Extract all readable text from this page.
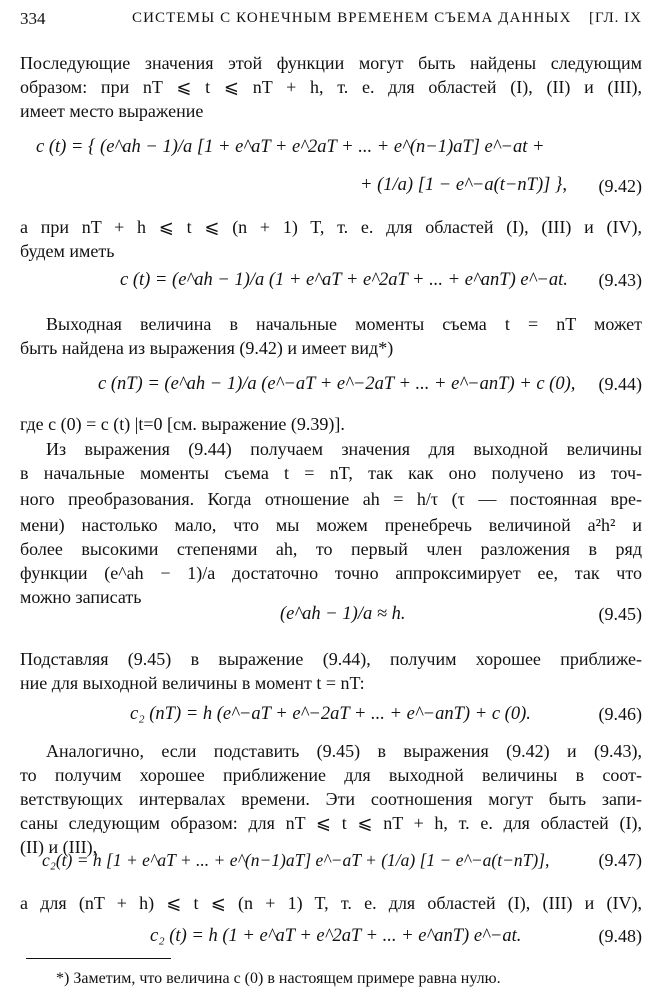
334	СИСТЕМЫ С КОНЕЧНЫМ ВРЕМЕНЕМ СЪЕМА ДАННЫХ [ГЛ. IX
Последующие значения этой функции могут быть найдены следующим
образом: при nT ⩽ t ⩽ nT + h, т. е. для областей (I), (II) и (III),
имеет место выражение
c (t) = { (e^ah − 1)/a [1 + e^aT + e^2aT + ... + e^(n−1)aT] e^−at +
+ (1/a) [1 − e^−a(t−nT)] }, (9.42)
а при nT + h ⩽ t ⩽ (n + 1) T, т. е. для областей (I), (III) и (IV),
будем иметь
c (t) = (e^ah − 1)/a (1 + e^aT + e^2aT + ... + e^anT) e^−at. (9.43)
Выходная величина в начальные моменты съема t = nT может
быть найдена из выражения (9.42) и имеет вид*)
c (nT) = (e^ah − 1)/a (e^−aT + e^−2aT + ... + e^−anT) + c (0), (9.44)
где c (0) = c (t) |t=0 [см. выражение (9.39)].
Из выражения (9.44) получаем значения для выходной величины
в начальные моменты съема t = nT, так как оно получено из точ-
ного преобразования. Когда отношение ah = h/τ (τ — постоянная вре-
мени) настолько мало, что мы можем пренебречь величиной a²h² и
более высокими степенями ah, то первый член разложения в ряд
функции (e^ah − 1)/a достаточно точно аппроксимирует ее, так что
можно записать
(e^ah − 1)/a ≈ h.	(9.45)
Подставляя (9.45) в выражение (9.44), получим хорошее приближе-
ние для выходной величины в момент t = nT:
c₂ (nT) = h (e^−aT + e^−2aT + ... + e^−anT) + c (0).	(9.46)
Аналогично, если подставить (9.45) в выражения (9.42) и (9.43),
то получим хорошее приближение для выходной величины в соот-
ветствующих интервалах времени. Эти соотношения могут быть запи-
саны следующим образом: для nT ⩽ t ⩽ nT + h, т. е. для областей (I),
(II) и (III),
c₂(t) = h [1 + e^aT + ... + e^(n−1)aT] e^−aT + (1/a) [1 − e^−a(t−nT)],	(9.47)
а для (nT + h) ⩽ t ⩽ (n + 1) T, т. е. для областей (I), (III) и (IV),
c₂ (t) = h (1 + e^aT + e^2aT + ... + e^anT) e^−at.	(9.48)
*) Заметим, что величина c (0) в настоящем примере равна нулю.
